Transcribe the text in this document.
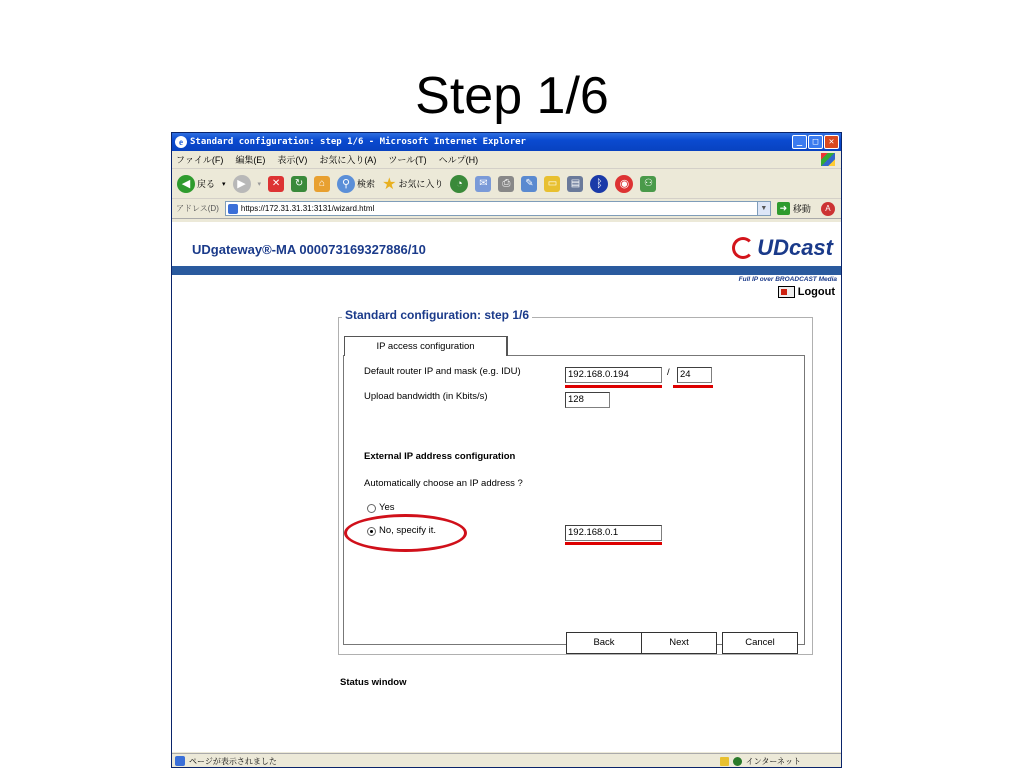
Step 1/6
e Standard configuration: step 1/6 - Microsoft Internet Explorer	_	□	✕
ファイル(F) 編集(E) 表示(V) お気に入り(A) ツール(T) ヘルプ(H)
◀ 戻る ▾	▶	▾	✕	↻	⌂	⚲ 検索 ★ お気に入り	◔	✉	⎙	✎	▭	▤	ᛒ	◉	⚇
アドレス(D)	https://172.31.31.31:3131/wizard.html	▼	➜ 移動	A
UDgateway®-MA 000073169327886/10	UDcast
Full IP over BROADCAST Media
Logout
Standard configuration: step 1/6
IP access configuration
Default router IP and mask (e.g. IDU)	192.168.0.194	/	24
Upload bandwidth (in Kbits/s)	128
External IP address configuration
Automatically choose an IP address ?
Yes
No, specify it.	192.168.0.1
Back	Next	Cancel
Status window
ページが表示されました	インターネット
